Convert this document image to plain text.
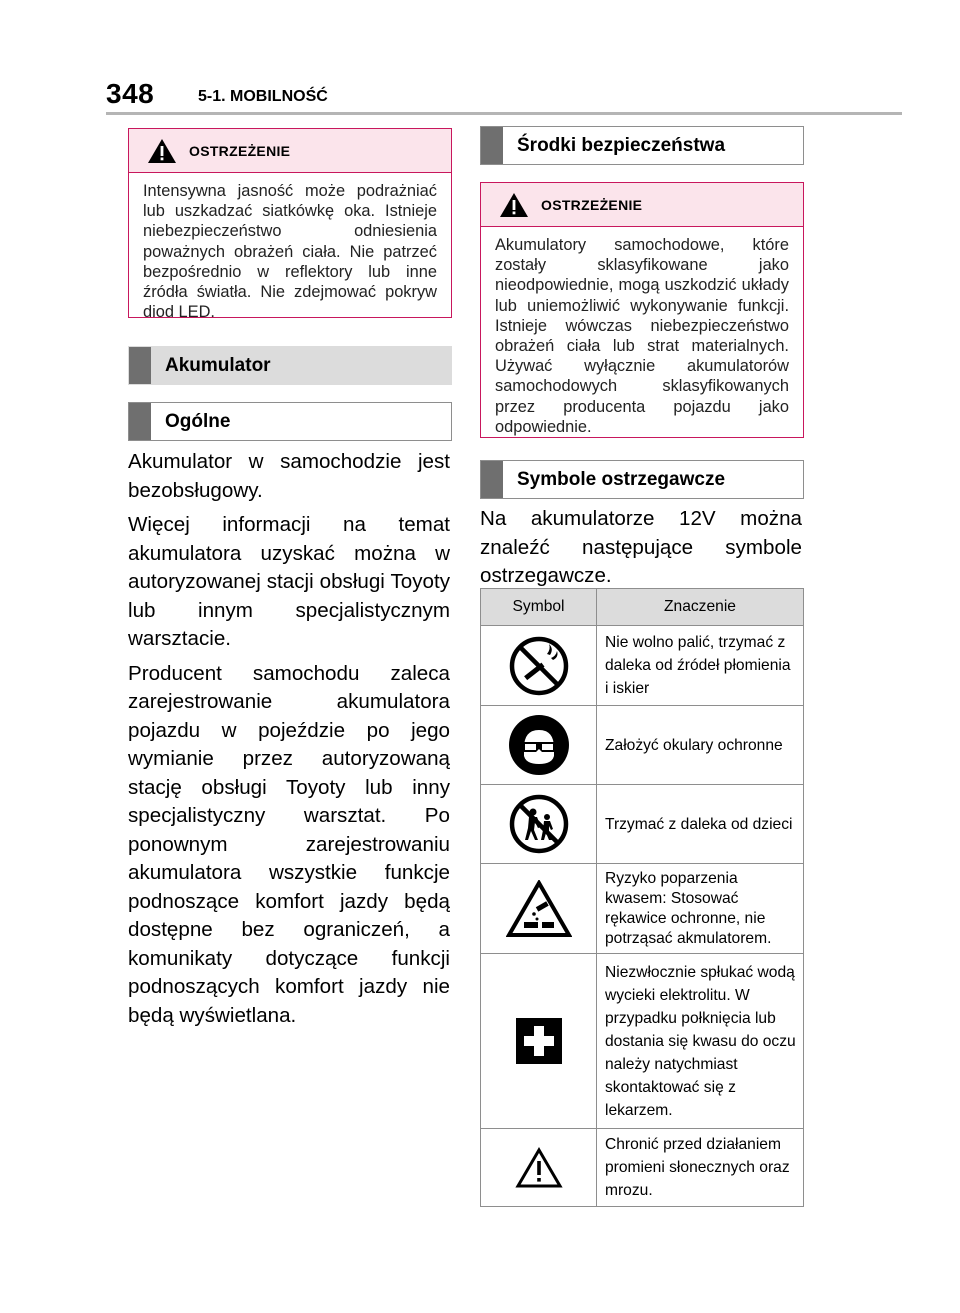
348	5-1. MOBILNOŚĆ
OSTRZEŻENIE
Intensywna jasność może podrażniać lub uszkadzać siatkówkę oka. Istnieje niebezpieczeństwo odniesienia poważnych obrażeń ciała. Nie patrzeć bezpośrednio w reflektory lub inne źródła światła. Nie zdejmować pokryw diod LED.
Akumulator
Ogólne

Akumulator w samochodzie jest bezobsługowy.

Więcej informacji na temat akumulatora uzyskać można w autoryzowanej stacji obsługi Toyoty lub innym specjalistycznym warsztacie.

Producent samochodu zaleca zarejestrowanie akumulatora pojazdu w pojeździe po jego wymianie przez autoryzowaną stację obsługi Toyoty lub inny specjalistyczny warsztat. Po ponownym zarejestrowaniu akumulatora wszystkie funkcje podnoszące komfort jazdy będą dostępne bez ograniczeń, a komunikaty dotyczące funkcji podnoszących komfort jazdy nie będą wyświetlana.

Środki bezpieczeństwa
OSTRZEŻENIE
Akumulatory samochodowe, które zostały sklasyfikowane jako nieodpowiednie, mogą uszkodzić układy lub uniemożliwić wykonywanie funkcji. Istnieje wówczas niebezpieczeństwo obrażeń ciała lub strat materialnych. Używać wyłącznie akumulatorów samochodowych sklasyfikowanych przez producenta pojazdu jako odpowiednie.
Symbole ostrzegawcze

Na akumulatorze 12V można znaleźć następujące symbole ostrzegawcze.

Symbol	Znaczenie

	Nie wolno palić, trzymać z daleka od źródeł płomienia i iskier

	Założyć okulary ochronne

	Trzymać z daleka od dzieci

	Ryzyko poparzenia kwasem: Stosować rękawice ochronne, nie potrząsać akmulatorem.

	Niezwłocznie spłukać wodą wycieki elektrolitu. W przypadku połknięcia lub dostania się kwasu do oczu należy natychmiast skontaktować się z lekarzem.

	Chronić przed działaniem promieni słonecznych oraz mrozu.
